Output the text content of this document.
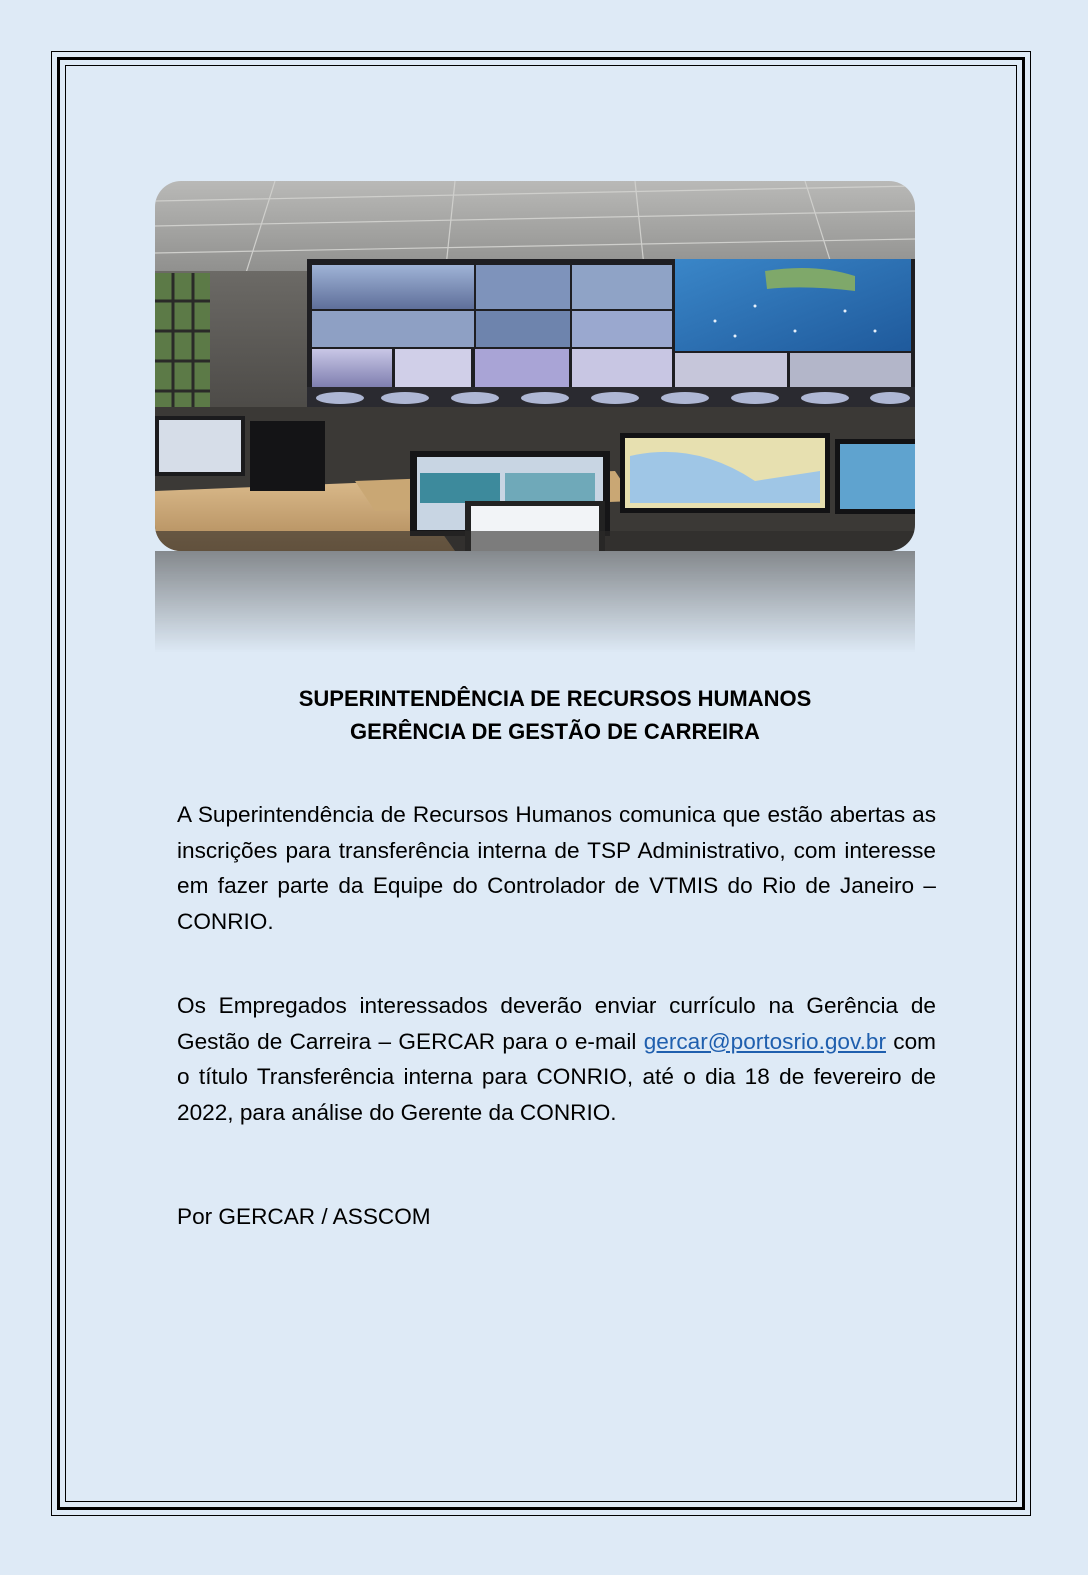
SUPERINTENDÊNCIA DE RECURSOS HUMANOS
GERÊNCIA DE GESTÃO DE CARREIRA
A Superintendência de Recursos Humanos comunica que estão abertas as inscrições para transferência interna de TSP Administrativo, com interesse em fazer parte da Equipe do Controlador de VTMIS do Rio de Janeiro – CONRIO.
Os Empregados interessados deverão enviar currículo na Gerência de Gestão de Carreira – GERCAR para o e-mail gercar@portosrio.gov.br com o título Transferência interna para CONRIO, até o dia 18 de fevereiro de 2022, para análise do Gerente da CONRIO.
Por GERCAR / ASSCOM
